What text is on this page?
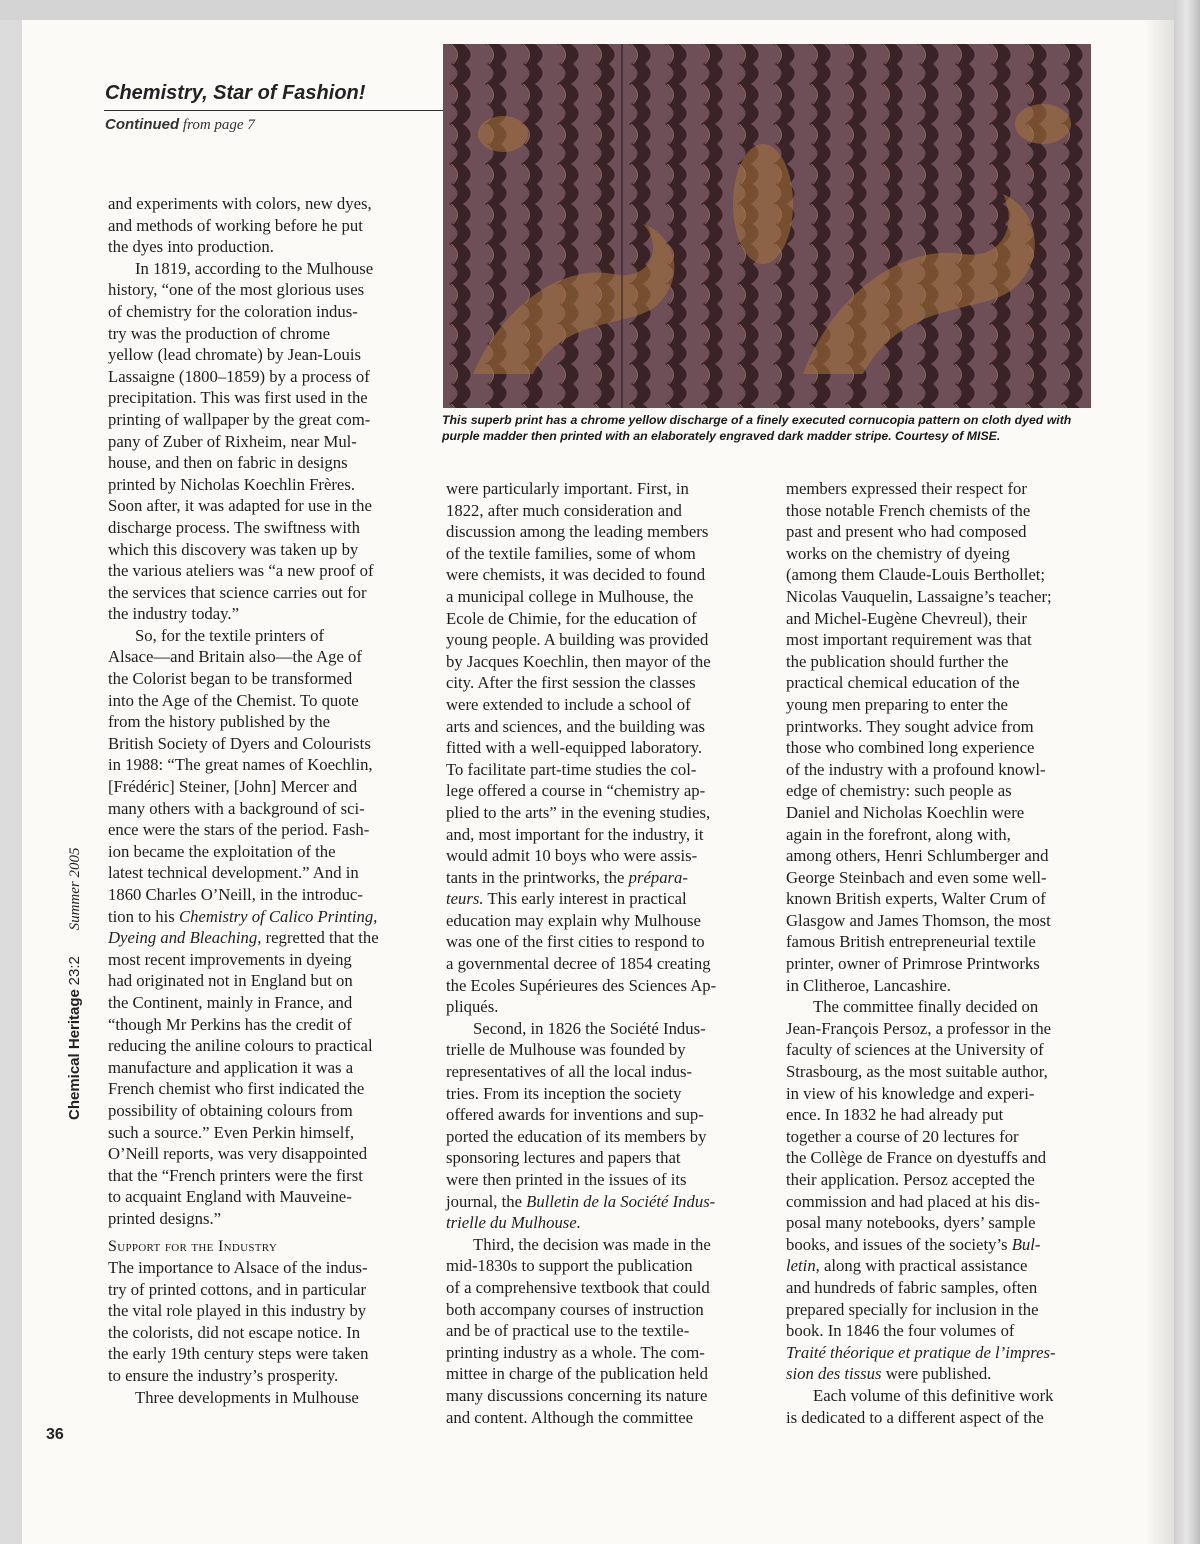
Chemistry, Star of Fashion!
Continued from page 7
This superb print has a chrome yellow discharge of a finely executed cornucopia pattern on cloth dyed with purple madder then printed with an elaborately engraved dark madder stripe. Courtesy of MISE.

and experiments with colors, new dyes,

and methods of working before he put

the dyes into production.

In 1819, according to the Mulhouse

history, “one of the most glorious uses

of chemistry for the coloration indus-

try was the production of chrome

yellow (lead chromate) by Jean-Louis

Lassaigne (1800–1859) by a process of

precipitation. This was first used in the

printing of wallpaper by the great com-

pany of Zuber of Rixheim, near Mul-

house, and then on fabric in designs

printed by Nicholas Koechlin Frères.

Soon after, it was adapted for use in the

discharge process. The swiftness with

which this discovery was taken up by

the various ateliers was “a new proof of

the services that science carries out for

the industry today.”

So, for the textile printers of

Alsace—and Britain also—the Age of

the Colorist began to be transformed

into the Age of the Chemist. To quote

from the history published by the

British Society of Dyers and Colourists

in 1988: “The great names of Koechlin,

[Frédéric] Steiner, [John] Mercer and

many others with a background of sci-

ence were the stars of the period. Fash-

ion became the exploitation of the

latest technical development.” And in

1860 Charles O’Neill, in the introduc-

tion to his Chemistry of Calico Printing,

Dyeing and Bleaching, regretted that the

most recent improvements in dyeing

had originated not in England but on

the Continent, mainly in France, and

“though Mr Perkins has the credit of

reducing the aniline colours to practical

manufacture and application it was a

French chemist who first indicated the

possibility of obtaining colours from

such a source.” Even Perkin himself,

O’Neill reports, was very disappointed

that the “French printers were the first

to acquaint England with Mauveine-

printed designs.”

Support for the Industry

The importance to Alsace of the indus-

try of printed cottons, and in particular

the vital role played in this industry by

the colorists, did not escape notice. In

the early 19th century steps were taken

to ensure the industry’s prosperity.

Three developments in Mulhouse

were particularly important. First, in

1822, after much consideration and

discussion among the leading members

of the textile families, some of whom

were chemists, it was decided to found

a municipal college in Mulhouse, the

Ecole de Chimie, for the education of

young people. A building was provided

by Jacques Koechlin, then mayor of the

city. After the first session the classes

were extended to include a school of

arts and sciences, and the building was

fitted with a well-equipped laboratory.

To facilitate part-time studies the col-

lege offered a course in “chemistry ap-

plied to the arts” in the evening studies,

and, most important for the industry, it

would admit 10 boys who were assis-

tants in the printworks, the prépara-

teurs. This early interest in practical

education may explain why Mulhouse

was one of the first cities to respond to

a governmental decree of 1854 creating

the Ecoles Supérieures des Sciences Ap-

pliqués.

Second, in 1826 the Société Indus-

trielle de Mulhouse was founded by

representatives of all the local indus-

tries. From its inception the society

offered awards for inventions and sup-

ported the education of its members by

sponsoring lectures and papers that

were then printed in the issues of its

journal, the Bulletin de la Société Indus-

trielle du Mulhouse.

Third, the decision was made in the

mid-1830s to support the publication

of a comprehensive textbook that could

both accompany courses of instruction

and be of practical use to the textile-

printing industry as a whole. The com-

mittee in charge of the publication held

many discussions concerning its nature

and content. Although the committee

members expressed their respect for

those notable French chemists of the

past and present who had composed

works on the chemistry of dyeing

(among them Claude-Louis Berthollet;

Nicolas Vauquelin, Lassaigne’s teacher;

and Michel-Eugène Chevreul), their

most important requirement was that

the publication should further the

practical chemical education of the

young men preparing to enter the

printworks. They sought advice from

those who combined long experience

of the industry with a profound knowl-

edge of chemistry: such people as

Daniel and Nicholas Koechlin were

again in the forefront, along with,

among others, Henri Schlumberger and

George Steinbach and even some well-

known British experts, Walter Crum of

Glasgow and James Thomson, the most

famous British entrepreneurial textile

printer, owner of Primrose Printworks

in Clitheroe, Lancashire.

The committee finally decided on

Jean-François Persoz, a professor in the

faculty of sciences at the University of

Strasbourg, as the most suitable author,

in view of his knowledge and experi-

ence. In 1832 he had already put

together a course of 20 lectures for

the Collège de France on dyestuffs and

their application. Persoz accepted the

commission and had placed at his dis-

posal many notebooks, dyers’ sample

books, and issues of the society’s Bul-

letin, along with practical assistance

and hundreds of fabric samples, often

prepared specially for inclusion in the

book. In 1846 the four volumes of

Traité théorique et pratique de l’impres-

sion des tissus were published.

Each volume of this definitive work

is dedicated to a different aspect of the

Chemical Heritage 23:2 Summer 2005
36
